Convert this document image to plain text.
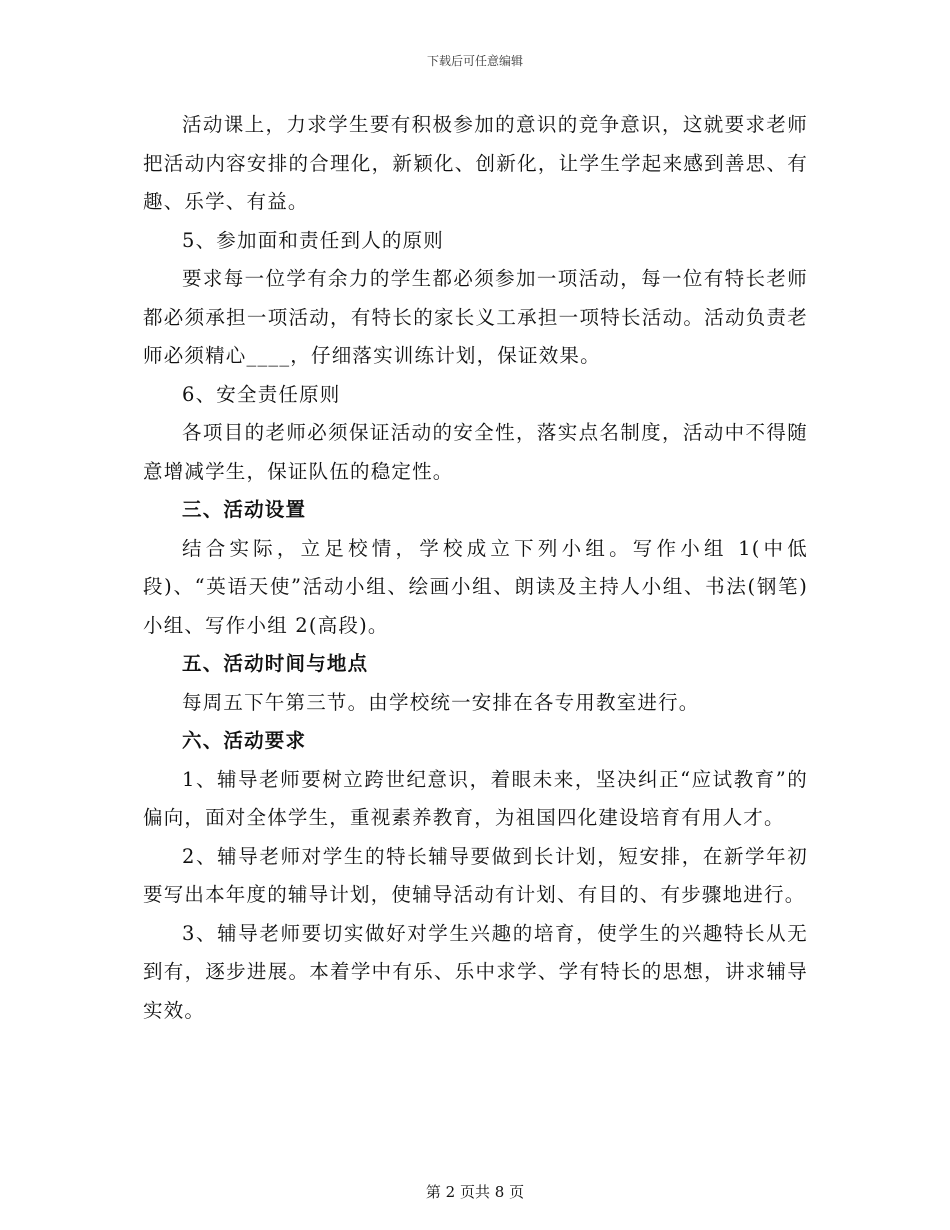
下载后可任意编辑

活动课上，力求学生要有积极参加的意识的竞争意识，这就要求老师把活动内容安排的合理化，新颖化、创新化，让学生学起来感到善思、有趣、乐学、有益。

5、参加面和责任到人的原则

要求每一位学有余力的学生都必须参加一项活动，每一位有特长老师都必须承担一项活动，有特长的家长义工承担一项特长活动。活动负责老师必须精心____，仔细落实训练计划，保证效果。

6、安全责任原则

各项目的老师必须保证活动的安全性，落实点名制度，活动中不得随意增减学生，保证队伍的稳定性。

三、活动设置

结合实际，立足校情，学校成立下列小组。写作小组 1(中低段)、“英语天使”活动小组、绘画小组、朗读及主持人小组、书法(钢笔)小组、写作小组 2(高段)。

五、活动时间与地点

每周五下午第三节。由学校统一安排在各专用教室进行。

六、活动要求

1、辅导老师要树立跨世纪意识，着眼未来，坚决纠正“应试教育”的偏向，面对全体学生，重视素养教育，为祖国四化建设培育有用人才。

2、辅导老师对学生的特长辅导要做到长计划，短安排，在新学年初要写出本年度的辅导计划，使辅导活动有计划、有目的、有步骤地进行。

3、辅导老师要切实做好对学生兴趣的培育，使学生的兴趣特长从无到有，逐步进展。本着学中有乐、乐中求学、学有特长的思想，讲求辅导实效。

第 2 页共 8 页
